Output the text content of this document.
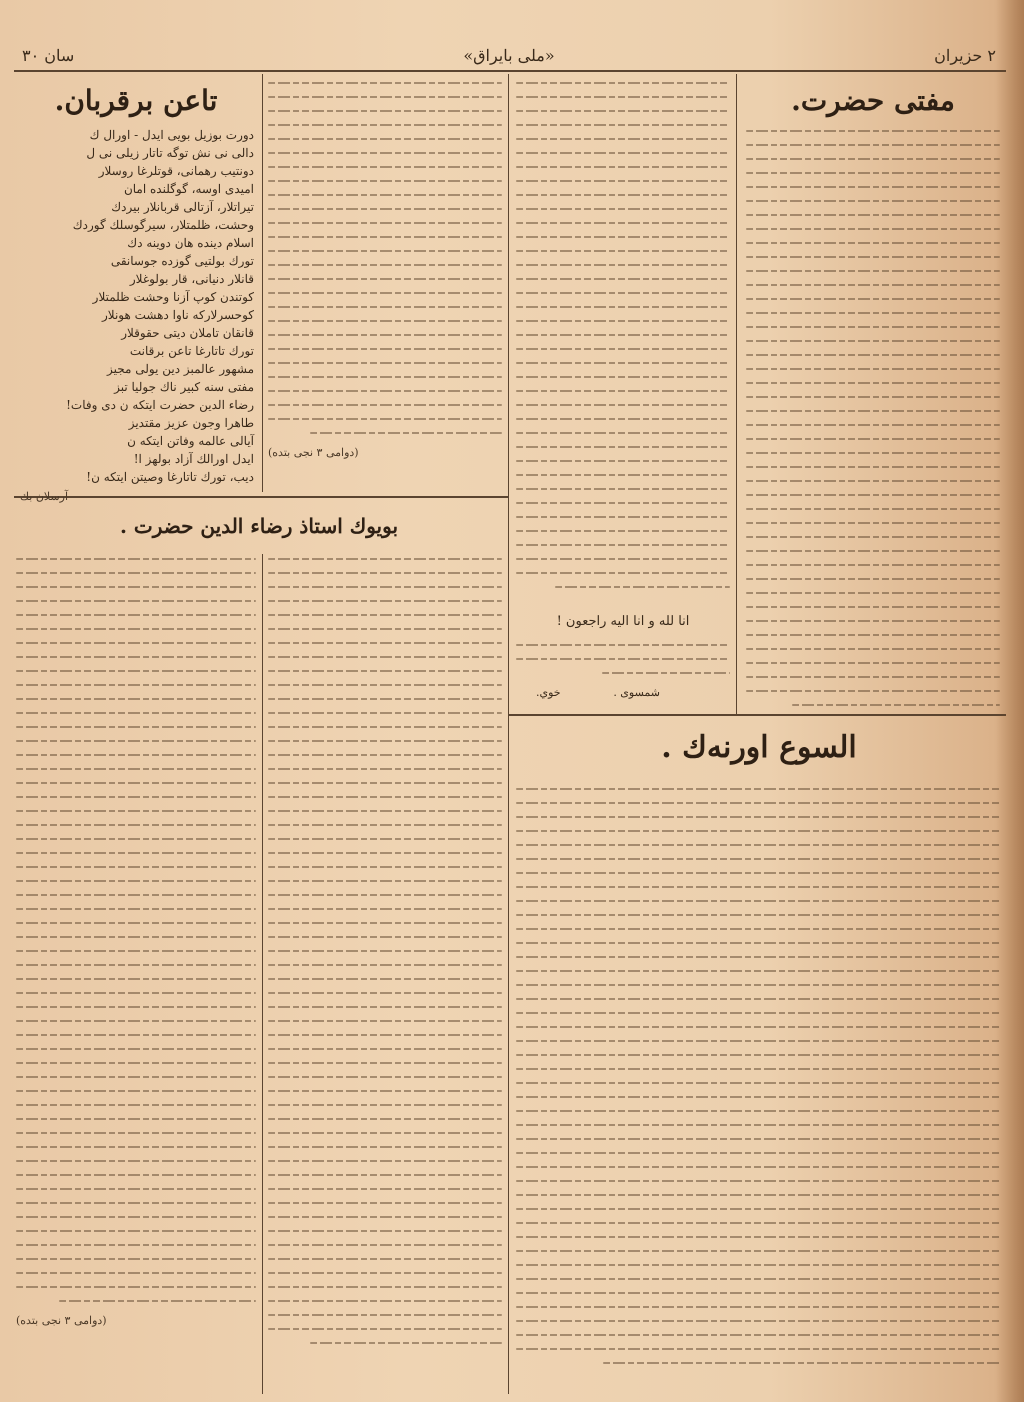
٢ حزیران
«ملی بایراق»
سان ٣٠
مفتی حضرت.
انا لله و انا اليه راجعون !
شمسوی .
خوي.
تاعن برقربان.
دورت بوزيل بويى ايدل - اورال ك
دالى نى نش توگە تاتار زيلى نى ل
دونتيب رهمانى، قوتلرغا روسلار
اميدى اوسه، گوگلنده امان
تيراتلار، آزتالى قربانلار بيردك
وحشت، ظلمتلار، سيرگوسلك گوردك
اسلام دينده هان دوينه دك
تورك بولتيى گوزده جوسانقى
قانلار دنيانى، قار بولوغلار
كوتندن كوپ آزنا وحشت ظلمتلار
كوحسرلاركه ناوا دهشت هونلار
قانقان تاملان ديتى حقوقلار
تورك تاتارغا تاعن برقانت
مشهور عالمبز دين يولى مجيز
مفتى سنه كبير ناك جوليا تبز
رضاء الدين حضرت ايتكه ن دى وفات!
طاهرا وجون عزيز مقتديز
آيالى عالمه وفاتن ايتكه ن
ايدل اورالك آزاد بولهز ا!
ديب، تورك تاتارغا وصيتن ايتكه ن!
آرسلان بك
(دوامی ٣ نجی بتده)
بويوك استاذ رضاء الدين حضرت .
(دوامی ٣ نجی بتده)
السوع اورنەك .
